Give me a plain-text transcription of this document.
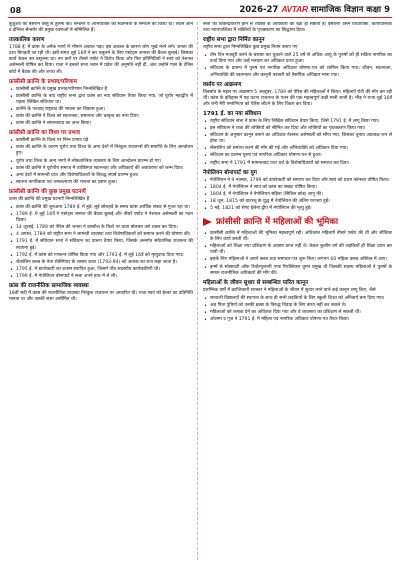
08	2026-27 AVTAR सामाजिक विज्ञान कक्षा 9

बुर्जुआों की बसरान वस्तु से तुलना की। सैन्डनेर व अभिव्यक्ति की स्वतन्त्रता के समर्थन की किया था। लेटर्स ऑन द इंग्लिश सैन्डनेर की प्रमुख रचनाओं में सम्मिलित हैं।

तात्कालिक कारण

1788 ई. में फ्रांस के अनेक भागों में भीषण अकाल पड़ा। इस अकाल के कारण लोग भूखे मरने लगे। जनता की दशा बिगड़ती जा रही थी। इसी समय लुई 16वें ने कर वसूलने के लिए एस्टेट्स जनरल की बैठक बुलाई। जिसका कार्य केवल कर वसूलना था। नए करों पर तीसरे एस्टेट ने विरोध किया और फिर प्रतिनिधियों ने स्वयं को नेशनल असेम्बली घोषित कर दिया। राजा ने इनको सभा भवन में प्रवेश की अनुमति नहीं दी, अतः उन्होंने पास के टेनिस कोर्ट में बैठक की और शपथ ली।

फ्रांसीसी क्रान्ति के प्रभाव/परिणाम
• फ्रांसीसी क्रान्ति के प्रमुख प्रभाव/परिणाम निम्नलिखित हैं
• फ्रांसीसी क्रान्ति के बाद राष्ट्रीय सभा द्वारा फ्रांस का नया संविधान तैयार किया गया, जो यूरोप महाद्वीप में पहला लिखित संविधान था।
• क्रान्ति के पश्चात् राष्ट्रवाद की भावना का विकास हुआ।
• फ्रांस की क्रान्ति ने विश्व को स्वतन्त्रता, समानता और भ्रातृत्व का नारा दिया।
• फ्रांस की क्रान्ति ने सामन्तवाद का अन्त किया।
फ्रांसीसी क्रान्ति का विश्व पर प्रभाव
• फ्रांसीसी क्रान्ति के विश्व पर निम्न प्रभाव पड़े
• फ्रांस की क्रान्ति के कारण यूरोप तथा विश्व के अन्य देशों में निरंकुश राजतन्त्रों की समाप्ति के लिए आन्दोलन हुए।
• यूरोप तथा विश्व के अन्य भागों में लोकतान्त्रिक व्यवस्था के लिए आन्दोलन प्रारम्भ हो गए।
• फ्रांस की क्रान्ति ने यूरोपीय समाज में व्यक्तिगत स्वतन्त्रता और अधिकारों की अवधारणा को जन्म दिया।
• अन्य देशों में सामन्ती प्रथा और विशेषाधिकारों के विरुद्ध संघर्ष प्रारम्भ हुआ।
• स्वतन्त्र नागरिकता एवं जनकल्याण की भावना का प्रसार हुआ।
फ्रांसीसी क्रान्ति की कुछ प्रमुख घटनाएँ

फ्रांस की क्रान्ति की प्रमुख घटनाएँ निम्नलिखित हैं

• फ्रांस की क्रान्ति की शुरुआत 1789 ई. में हुई। लुई सोलहवें के समय फ्रांस आर्थिक संकट से गुजर रहा था।
• 1789 ई. में लुई 16वें ने एस्टेट्स जनरल की बैठक बुलाई और तीसरे एस्टेट ने नेशनल असेम्बली का गठन किया।
• 14 जुलाई, 1789 को पेरिस की जनता ने बास्तील के किले पर धावा बोलकर उसे ध्वस्त कर दिया।
• 4 अगस्त, 1789 को राष्ट्रीय सभा ने सामन्ती व्यवस्था तथा विशेषाधिकारों को समाप्त करने की घोषणा की।
• 1791 ई. में संविधान सभा ने संविधान का प्रारूप तैयार किया, जिसके अन्तर्गत संवैधानिक राजतन्त्र की स्थापना हुई।
• 1792 ई. में फ्रांस को गणतन्त्र घोषित किया गया और 1793 ई. में लुई 16वें को मृत्युदण्ड दिया गया।
• जैकोबिन क्लब के नेता रोबेस्पियर के शासन काल (1793-94) को आतंक का राज कहा जाता है।
• 1795 ई. में डायरेक्टरी का शासन स्थापित हुआ, जिसमें पाँच सदस्यीय कार्यकारिणी थी।
• 1799 ई. में नेपोलियन बोनापार्ट ने सत्ता अपने हाथ में ले ली।
फ्रांस की राजनीतिक सामाजिक व्यवस्था

18वीं सदी में फ्रांस की राजनीतिक व्यवस्था निरंकुश राजतन्त्र पर आधारित थी। राजा स्वयं को ईश्वर का प्रतिनिधि मानता था और उसकी सत्ता असीमित थी।

सत्ता का विकेन्द्रीकरण होने से व्यक्ति के अधिकारों की रक्षा हो सकती है। इसलिए उसने विधायिका, कार्यपालिका तथा न्यायपालिका में शक्तियों के पृथक्करण का सिद्धान्त दिया।

राष्ट्रीय सभा द्वारा निर्मित कानून

राष्ट्रीय सभा द्वारा निम्नलिखित कुछ प्रमुख नियम बनाए गए

• तीन दिन मजदूरी करने के बराबर कर चुकाने वाले 25 वर्ष से अधिक आयु के पुरुषों को ही सक्रिय नागरिक का दर्जा दिया गया और उन्हें मतदान का अधिकार प्राप्त हुआ।
• संविधान के प्रारूप में पुरुष एवं नागरिक अधिकार घोषणा-पत्र को शामिल किया गया। जीवन, स्वतन्त्रता, अभिव्यक्ति की स्वतन्त्रता और कानूनी बराबरी को नैसर्गिक अधिकार माना गया।
वर्साय पर आक्रमण

विवर्साय के महल पर आक्रमण 5 अक्टूबर, 1789 को पेरिस की महिलाओं ने किया। महिलाएँ रोटी की माँग कर रही थीं। फ्रांस के इतिहास में यह घटना राजतन्त्र के पतन की एक महत्त्वपूर्ण कड़ी मानी जाती है। भीड़ ने राजा लुई 16वें और रानी मैरी एन्तोनिएत को पेरिस लौटने के लिए विवश कर दिया।

1791 ई. का नया संविधान
• राष्ट्रीय संविधान सभा ने फ्रांस के लिए लिखित संविधान तैयार किया, जिसे 1791 ई. में लागू किया गया।
• इस संविधान ने राजा की शक्तियों को सीमित कर दिया और शक्तियों का पृथक्करण किया गया।
• संविधान के अनुसार कानून बनाने का अधिकार नेशनल असेम्बली को सौंपा गया, जिसका चुनाव अप्रत्यक्ष रूप से होता था।
• सेंसरशिप को समाप्त करने की माँग की गई और अभिव्यक्ति को अधिकार दिया गया।
• संविधान का प्रारम्भ पुरुष एवं नागरिक अधिकार घोषणा-पत्र से हुआ।
• राष्ट्रीय सभा ने 1791 में सामन्तवाद तथा चर्च के विशेषाधिकारों को समाप्त कर दिया।
नेपोलियन बोनापार्ट का युग
• नेपोलियन ने 9 नवम्बर, 1799 को डायरेक्टरी को समाप्त कर दिया और स्वयं को प्रथम कॉन्सल घोषित किया।
• 1804 ई. में नेपोलियन ने स्वयं को फ्रांस का सम्राट घोषित किया।
• 1804 ई. में नेपोलियन ने नेपोलियन संहिता (सिविल कोड) लागू की।
• 18 जून, 1815 को वाटरलू के युद्ध में नेपोलियन की अंतिम पराजय हुई।
• 5 मई, 1821 को सेण्ट हेलेना द्वीप में नेपोलियन की मृत्यु हुई।
फ्रांसीसी क्रान्ति में महिलाओं की भूमिका
• फ्रांसीसी क्रान्ति में महिलाओं की भूमिका महत्त्वपूर्ण रही। अधिकांश महिलाएँ तीसरे एस्टेट की थीं और जीविका के लिए कार्य करती थीं।
• महिलाओं को शिक्षा तथा प्रशिक्षण के अवसर प्राप्त नहीं थे। केवल कुलीन वर्ग की लड़कियाँ ही शिक्षा प्राप्त कर पाती थीं।
• इसके लिए महिलाओं ने अपने क्लब तथा समाचार-पत्र शुरू किए। लगभग 60 महिला क्लब अस्तित्व में आए।
• इनमें से सोसायटी ऑफ रिवोल्यूशनरी एण्ड रिपब्लिकन वुमन प्रमुख थी जिसकी सदस्य महिलाओं ने पुरुषों के समान राजनीतिक अधिकारों की माँग की।
महिलाओं के जीवन सुधार से सम्बन्धित पारित कानून

प्रारम्भिक वर्षों में क्रान्तिकारी सरकार ने महिलाओं के जीवन में सुधार लाने वाले कई कानून लागू किए, जैसे

• सरकारी विद्यालयों की स्थापना के साथ ही सभी लड़कियों के लिए स्कूली शिक्षा को अनिवार्य बना दिया गया।
• अब पिता पुत्रियों को उनकी इच्छा के विरुद्ध विवाह के लिए बाध्य नहीं कर सकते थे।
• महिलाओं को तलाक देने का अधिकार दिया गया और वे व्यवसाय का प्रशिक्षण ले सकती थीं।
• ओलम्प द गूज ने 1791 ई. में महिला एवं नागरिक अधिकार घोषणा-पत्र तैयार किया।
